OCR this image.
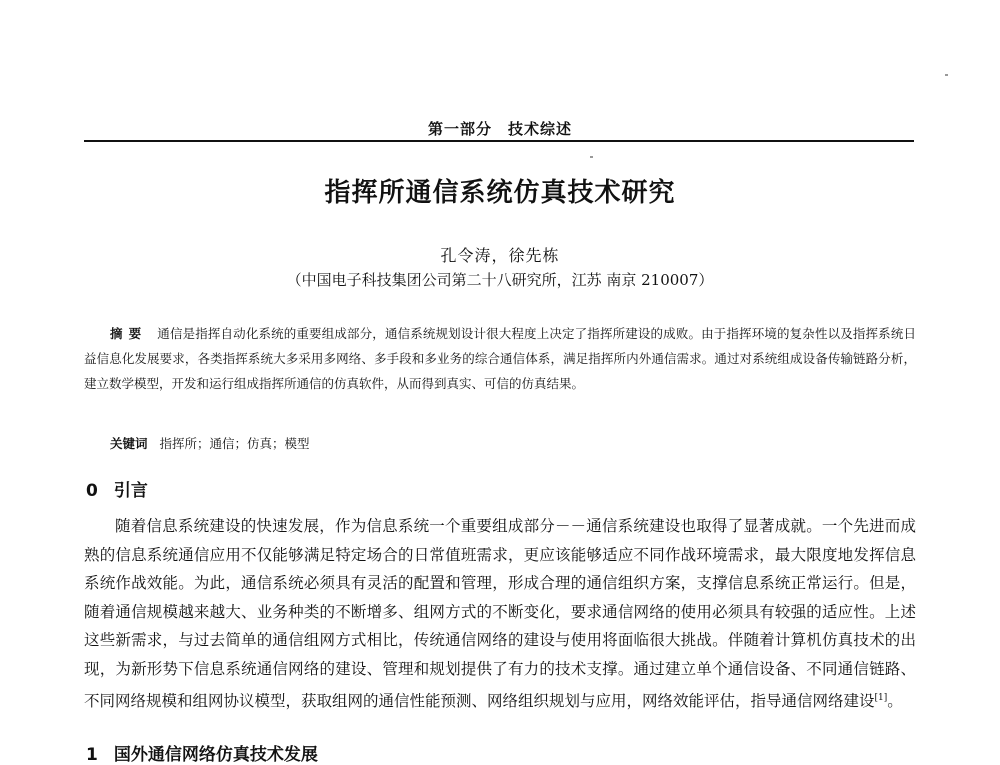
第一部分　技术综述
指挥所通信系统仿真技术研究
孔令涛，徐先栋
（中国电子科技集团公司第二十八研究所，江苏 南京 210007）
摘要 通信是指挥自动化系统的重要组成部分，通信系统规划设计很大程度上决定了指挥所建设的成败。由于指挥环境的复杂性以及指挥系统日益信息化发展要求，各类指挥系统大多采用多网络、多手段和多业务的综合通信体系，满足指挥所内外通信需求。通过对系统组成设备传输链路分析，建立数学模型，开发和运行组成指挥所通信的仿真软件，从而得到真实、可信的仿真结果。
关键词 指挥所；通信；仿真；模型
0 引言
随着信息系统建设的快速发展，作为信息系统一个重要组成部分－－通信系统建设也取得了显著成就。一个先进而成熟的信息系统通信应用不仅能够满足特定场合的日常值班需求，更应该能够适应不同作战环境需求，最大限度地发挥信息系统作战效能。为此，通信系统必须具有灵活的配置和管理，形成合理的通信组织方案，支撑信息系统正常运行。但是，随着通信规模越来越大、业务种类的不断增多、组网方式的不断变化，要求通信网络的使用必须具有较强的适应性。上述这些新需求，与过去简单的通信组网方式相比，传统通信网络的建设与使用将面临很大挑战。伴随着计算机仿真技术的出现，为新形势下信息系统通信网络的建设、管理和规划提供了有力的技术支撑。通过建立单个通信设备、不同通信链路、不同网络规模和组网协议模型，获取组网的通信性能预测、网络组织规划与应用，网络效能评估，指导通信网络建设[1]。
1 国外通信网络仿真技术发展
